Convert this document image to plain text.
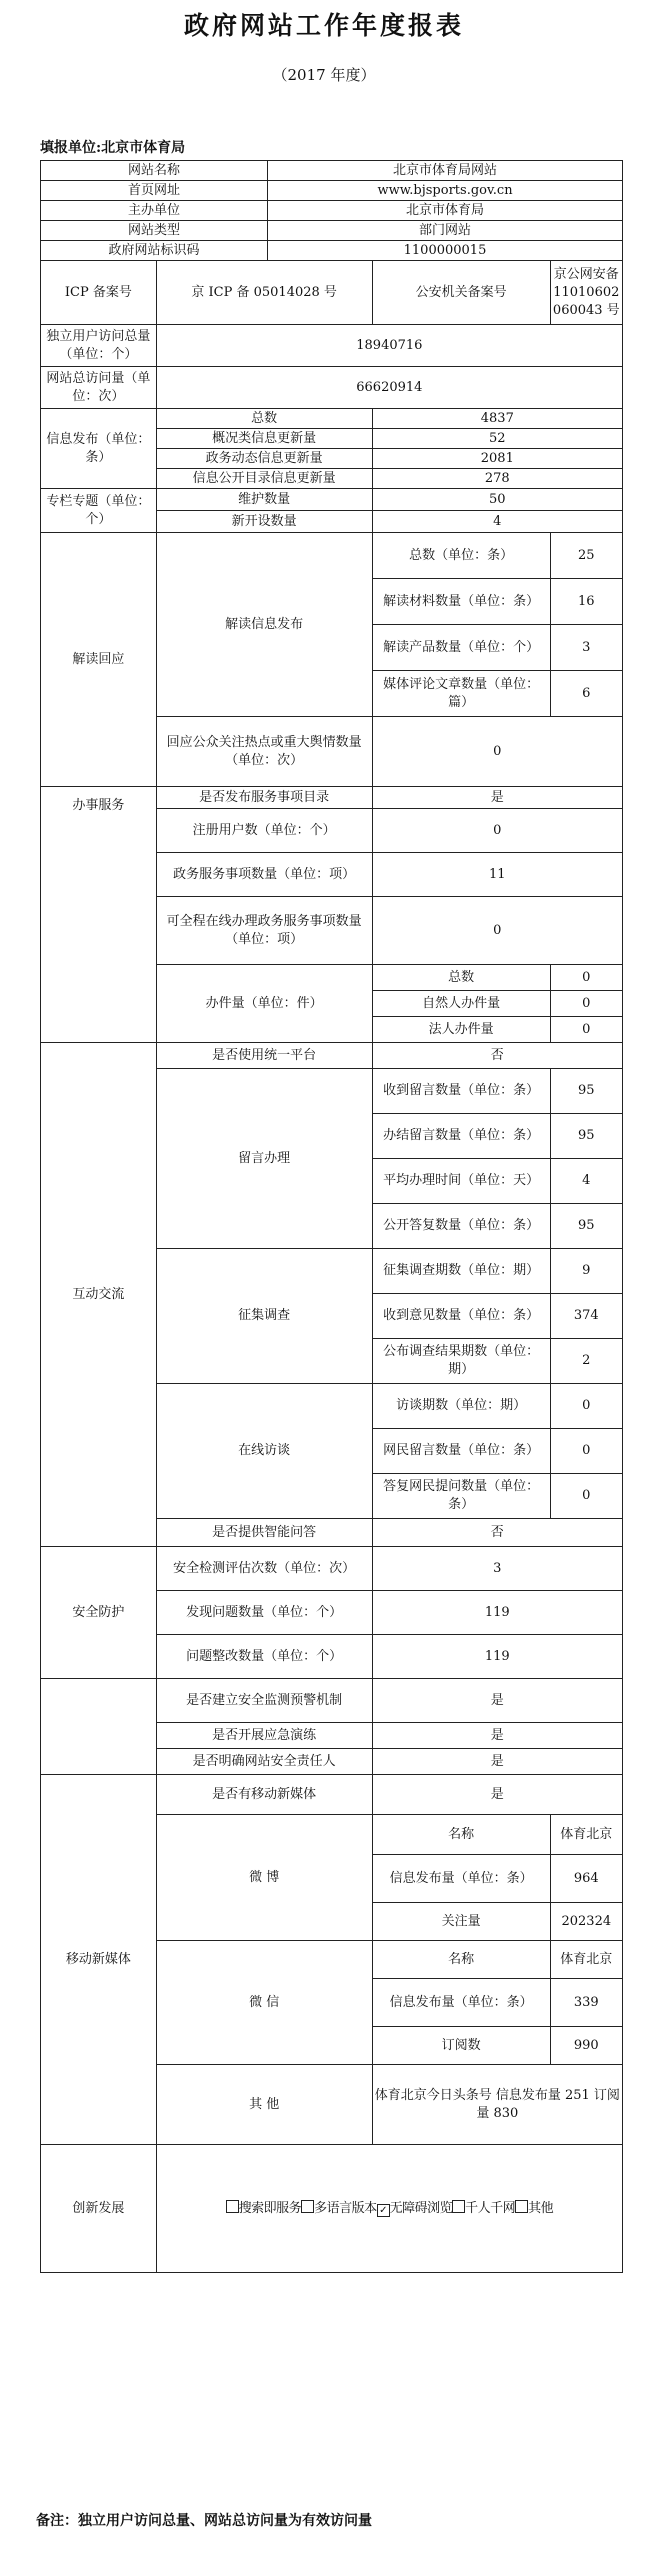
政府网站工作年度报表
（2017 年度）
填报单位:北京市体育局
网站名称		北京市体育局网站		
首页网址		www.bjsports.gov.cn		
主办单位		北京市体育局		
网站类型		部门网站		
政府网站标识码		1100000015		
ICP 备案号	京 ICP 备 05014028 号		公安机关备案号	京公网安备 11010602060043 号
独立用户访问总量（单位：个）	18940716			
网站总访问量（单位：次）	66620914			
信息发布（单位：条）	总数		4837	
	概况类信息更新量		52	
	政务动态信息更新量		2081	
	信息公开目录信息更新量		278	
专栏专题（单位：个）	维护数量		50	
	新开设数量		4	
解读回应	解读信息发布		总数（单位：条）	25
			解读材料数量（单位：条）	16
			解读产品数量（单位：个）	3
			媒体评论文章数量（单位：篇）	6
	回应公众关注热点或重大舆情数量（单位：次）		0	
办事服务	是否发布服务事项目录		是	
	注册用户数（单位：个）		0	
	政务服务事项数量（单位：项）		11	
	可全程在线办理政务服务事项数量（单位：项）		0	
	办件量（单位：件）		总数	0
			自然人办件量	0
			法人办件量	0
互动交流	是否使用统一平台		否	
	留言办理		收到留言数量（单位：条）	95
			办结留言数量（单位：条）	95
			平均办理时间（单位：天）	4
			公开答复数量（单位：条）	95
	征集调查		征集调查期数（单位：期）	9
			收到意见数量（单位：条）	374
			公布调查结果期数（单位：期）	2
	在线访谈		访谈期数（单位：期）	0
			网民留言数量（单位：条）	0
			答复网民提问数量（单位：条）	0
	是否提供智能问答		否	
安全防护	安全检测评估次数（单位：次）		3	
	发现问题数量（单位：个）		119	
	问题整改数量（单位：个）		119	
	是否建立安全监测预警机制		是	
	是否开展应急演练		是	
	是否明确网站安全责任人		是	
移动新媒体	是否有移动新媒体		是	
	微 博		名称	体育北京
			信息发布量（单位：条）	964
			关注量	202324
	微 信		名称	体育北京
			信息发布量（单位：条）	339
			订阅数	990
	其 他		体育北京今日头条号 信息发布量 251 订阅量 830	
创新发展	搜索即服务 多语言版本 ✓ 无障碍浏览 千人千网 其他			
备注：独立用户访问总量、网站总访问量为有效访问量
